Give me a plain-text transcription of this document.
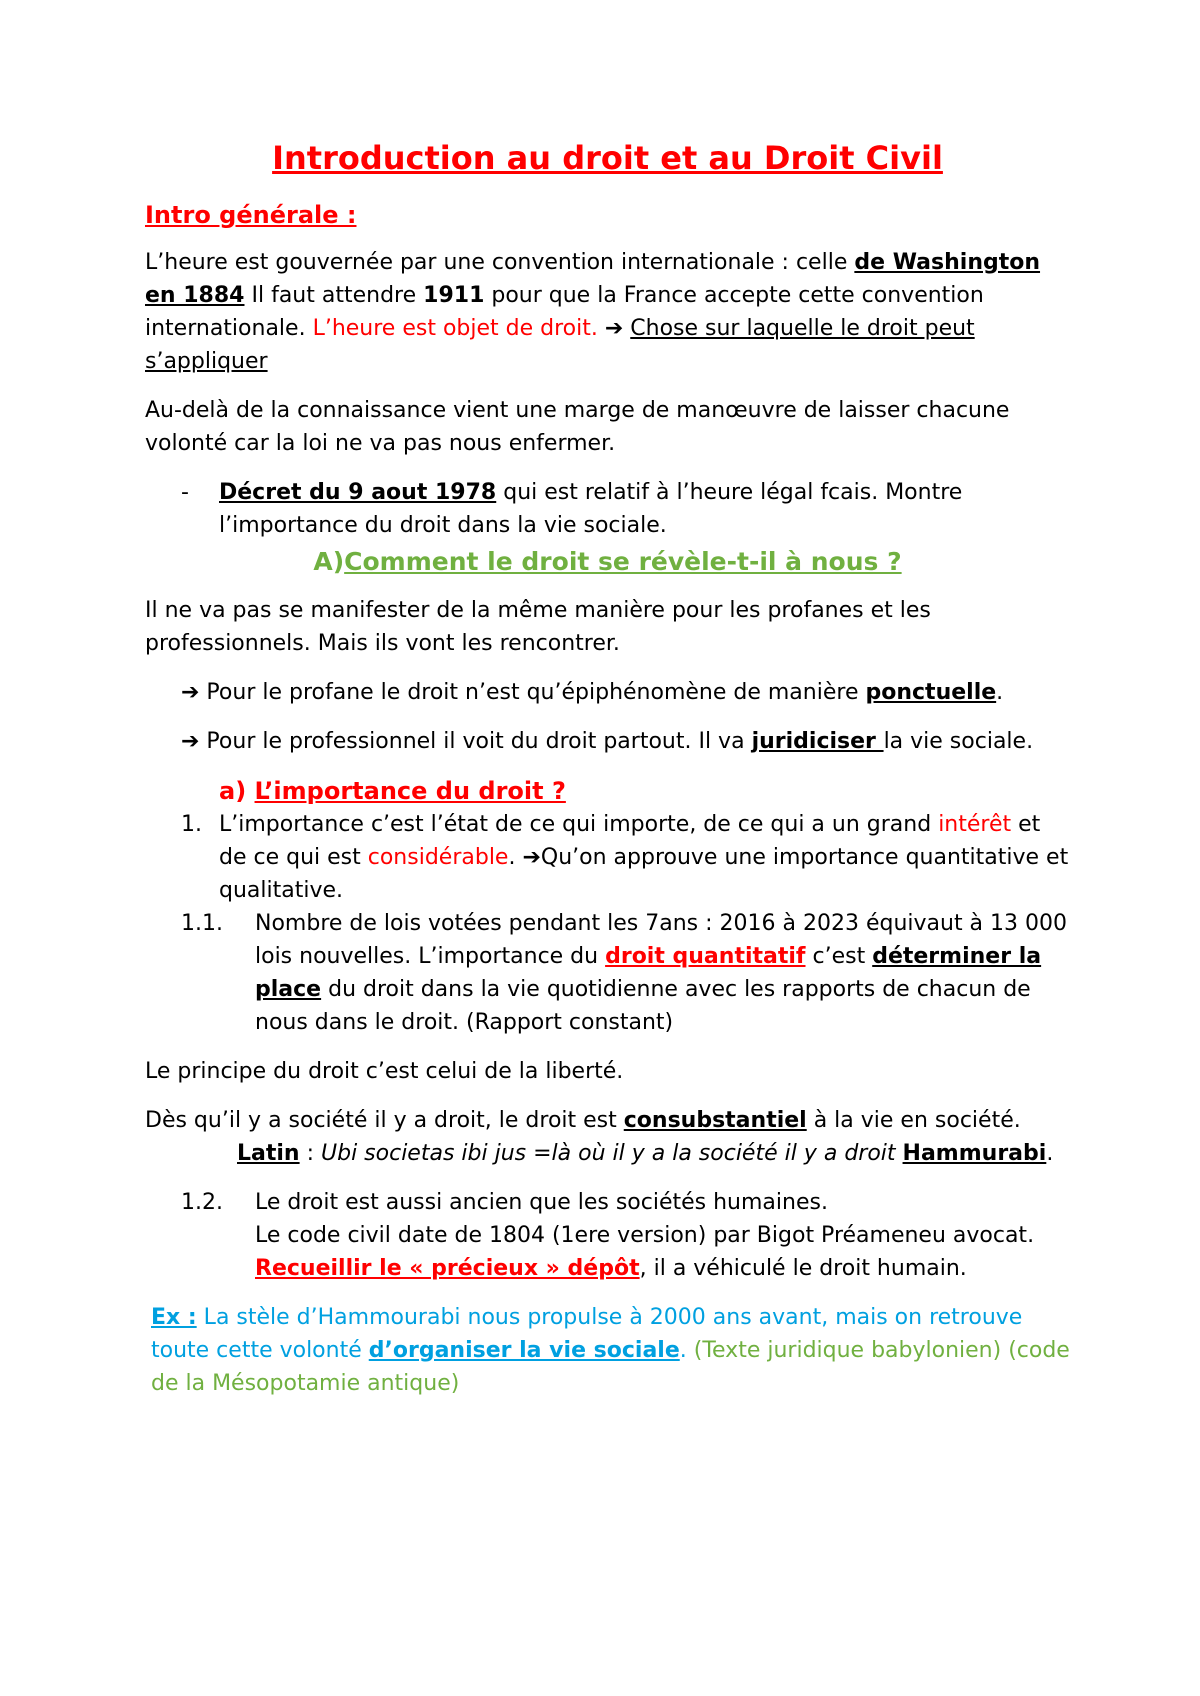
Introduction au droit et au Droit Civil
Intro générale :

L’heure est gouvernée par une convention internationale : celle de Washington en 1884 Il faut attendre 1911 pour que la France accepte cette convention internationale. L’heure est objet de droit. ➔ Chose sur laquelle le droit peut s’appliquer

Au-delà de la connaissance vient une marge de manœuvre de laisser chacune volonté car la loi ne va pas nous enfermer.

-	Décret du 9 aout 1978 qui est relatif à l’heure légal fcais. Montre l’importance du droit dans la vie sociale.
A)Comment le droit se révèle-t-il à nous ?

Il ne va pas se manifester de la même manière pour les profanes et les professionnels. Mais ils vont les rencontrer.

➔ Pour le profane le droit n’est qu’épiphénomène de manière ponctuelle.

➔ Pour le professionnel il voit du droit partout. Il va juridiciser la vie sociale.

a) L’importance du droit ?
1. L’importance c’est l’état de ce qui importe, de ce qui a un grand intérêt et de ce qui est considérable. ➔Qu’on approuve une importance quantitative et qualitative.
1.1.	Nombre de lois votées pendant les 7ans : 2016 à 2023 équivaut à 13 000 lois nouvelles. L’importance du droit quantitatif c’est déterminer la place du droit dans la vie quotidienne avec les rapports de chacun de nous dans le droit. (Rapport constant)

Le principe du droit c’est celui de la liberté.

Dès qu’il y a société il y a droit, le droit est consubstantiel à la vie en société.Latin : Ubi societas ibi jus =là où il y a la société il y a droit Hammurabi.

1.2.	Le droit est aussi ancien que les sociétés humaines.
Le code civil date de 1804 (1ere version) par Bigot Préameneu avocat. Recueillir le « précieux » dépôt, il a véhiculé le droit humain.

Ex : La stèle d’Hammourabi nous propulse à 2000 ans avant, mais on retrouve toute cette volonté d’organiser la vie sociale. (Texte juridique babylonien) (code de la Mésopotamie antique)
